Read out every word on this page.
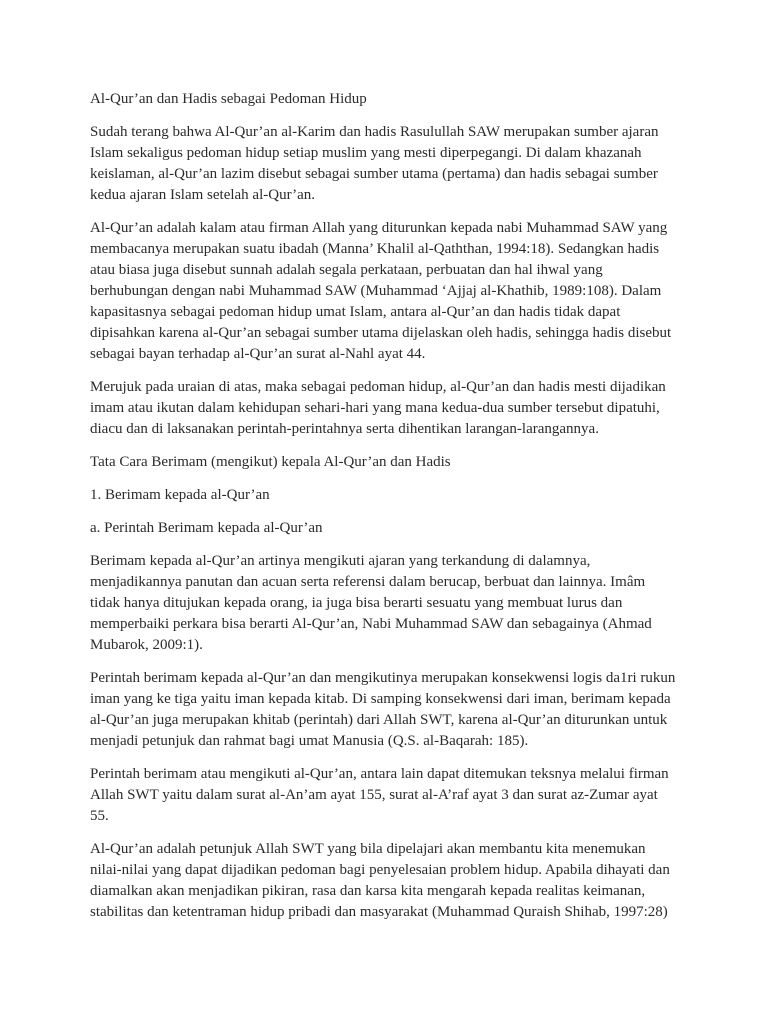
Al-Qur’an dan Hadis sebagai Pedoman Hidup
Sudah terang bahwa Al-Qur’an al-Karim dan hadis Rasulullah SAW merupakan sumber ajaran
Islam sekaligus pedoman hidup setiap muslim yang mesti diperpegangi. Di dalam khazanah
keislaman, al-Qur’an lazim disebut sebagai sumber utama (pertama) dan hadis sebagai sumber
kedua ajaran Islam setelah al-Qur’an.
Al-Qur’an adalah kalam atau firman Allah yang diturunkan kepada nabi Muhammad SAW yang
membacanya merupakan suatu ibadah (Manna’ Khalil al-Qaththan, 1994:18). Sedangkan hadis
atau biasa juga disebut sunnah adalah segala perkataan, perbuatan dan hal ihwal yang
berhubungan dengan nabi Muhammad SAW (Muhammad ‘Ajjaj al-Khathib, 1989:108). Dalam
kapasitasnya sebagai pedoman hidup umat Islam, antara al-Qur’an dan hadis tidak dapat
dipisahkan karena al-Qur’an sebagai sumber utama dijelaskan oleh hadis, sehingga hadis disebut
sebagai bayan terhadap al-Qur’an surat al-Nahl ayat 44.
Merujuk pada uraian di atas, maka sebagai pedoman hidup, al-Qur’an dan hadis mesti dijadikan
imam atau ikutan dalam kehidupan sehari-hari yang mana kedua-dua sumber tersebut dipatuhi,
diacu dan di laksanakan perintah-perintahnya serta dihentikan larangan-larangannya.
Tata Cara Berimam (mengikut) kepala Al-Qur’an dan Hadis
1. Berimam kepada al-Qur’an
a. Perintah Berimam kepada al-Qur’an
Berimam kepada al-Qur’an artinya mengikuti ajaran yang terkandung di dalamnya,
menjadikannya panutan dan acuan serta referensi dalam berucap, berbuat dan lainnya. Imâm
tidak hanya ditujukan kepada orang, ia juga bisa berarti sesuatu yang membuat lurus dan
memperbaiki perkara bisa berarti Al-Qur’an, Nabi Muhammad SAW dan sebagainya (Ahmad
Mubarok, 2009:1).
Perintah berimam kepada al-Qur’an dan mengikutinya merupakan konsekwensi logis da1ri rukun
iman yang ke tiga yaitu iman kepada kitab. Di samping konsekwensi dari iman, berimam kepada
al-Qur’an juga merupakan khitab (perintah) dari Allah SWT, karena al-Qur’an diturunkan untuk
menjadi petunjuk dan rahmat bagi umat Manusia (Q.S. al-Baqarah: 185).
Perintah berimam atau mengikuti al-Qur’an, antara lain dapat ditemukan teksnya melalui firman
Allah SWT yaitu dalam surat al-An’am ayat 155, surat al-A’raf ayat 3 dan surat az-Zumar ayat
55.
Al-Qur’an adalah petunjuk Allah SWT yang bila dipelajari akan membantu kita menemukan
nilai-nilai yang dapat dijadikan pedoman bagi penyelesaian problem hidup. Apabila dihayati dan
diamalkan akan menjadikan pikiran, rasa dan karsa kita mengarah kepada realitas keimanan,
stabilitas dan ketentraman hidup pribadi dan masyarakat (Muhammad Quraish Shihab, 1997:28)
